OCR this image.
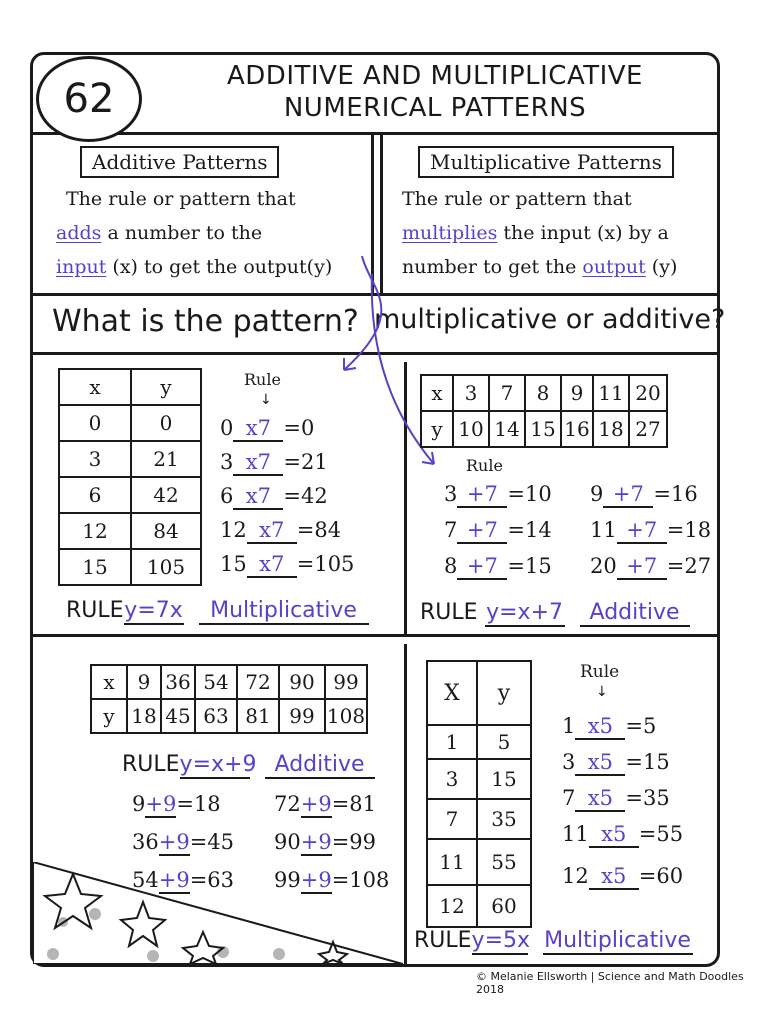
62	ADDITIVE AND MULTIPLICATIVE
NUMERICAL PATTERNS
Additive Patterns
The rule or pattern that
adds a number to the
input (x) to get the output(y)
Multiplicative Patterns
The rule or pattern that
multiplies the input (x) by a
number to get the output (y)
What is the pattern? multiplicative or additive?
x	y
0	0
3	21
6	42
12	84
15	105
Rule
↓
0 x7 =0
3 x7 =21
6 x7 =42
12 x7 =84
15 x7 =105
RULEy=7x Multiplicative
x	3	7	8	9	11	20
y	10	14	15	16	18	27
Rule
3 +7 =10
7 +7 =14
8 +7 =15
9 +7 =16
11 +7 =18
20 +7 =27
RULE y=x+7 Additive
x	9	36	54	72	90	99
y	18	45	63	81	99	108
RULEy=x+9 Additive
9+9=18
36+9=45
54+9=63
72+9=81
90+9=99
99+9=108
X	y
1	5
3	15
7	35
11	55
12	60
Rule
↓
1 x5 =5
3 x5 =15
7 x5 =35
11 x5 =55
12 x5 =60
RULEy=5x Multiplicative
© Melanie Ellsworth | Science and Math Doodles 2018
